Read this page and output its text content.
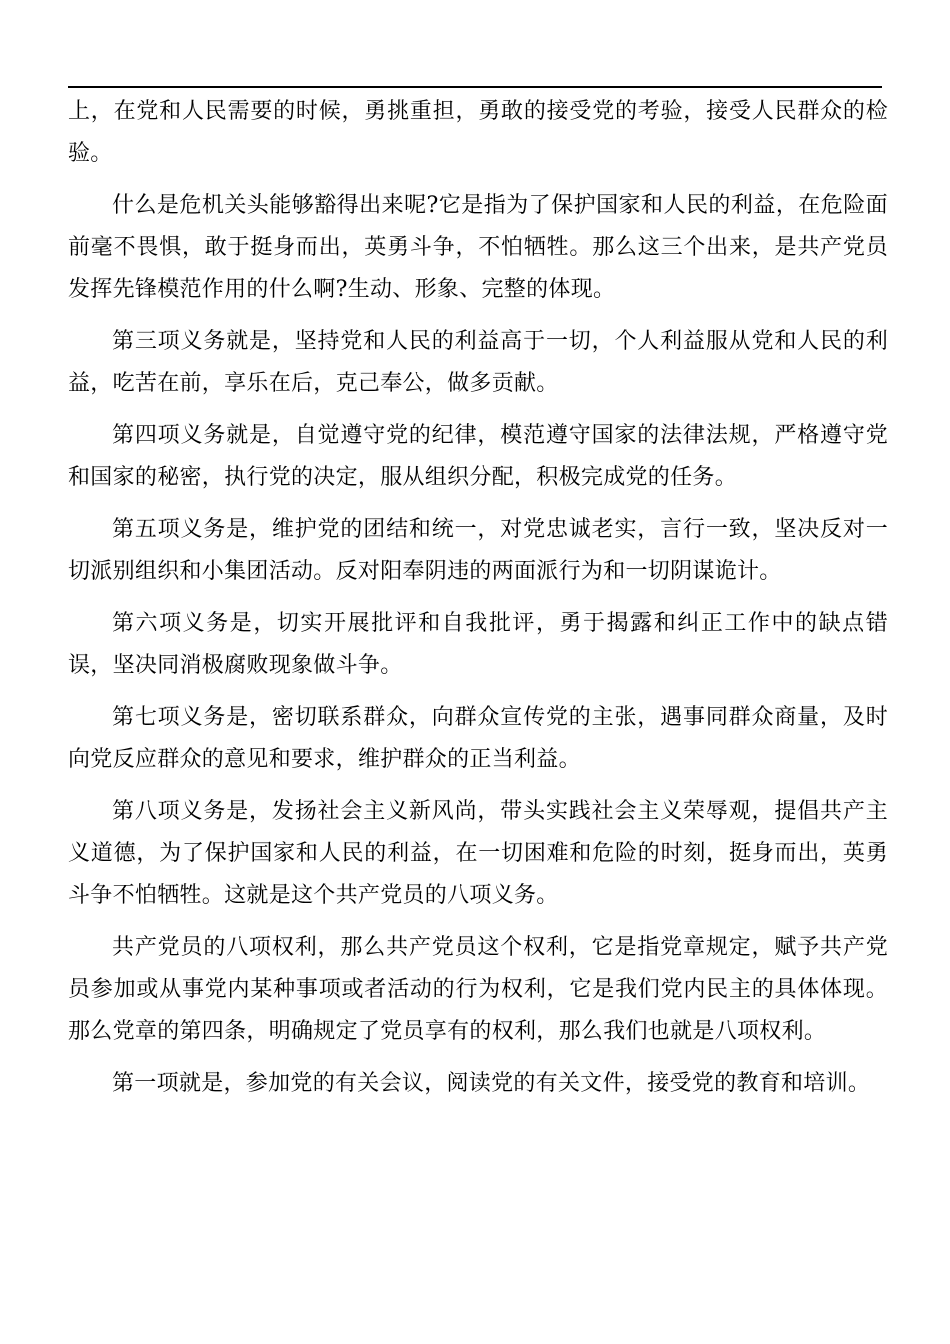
上，在党和人民需要的时候，勇挑重担，勇敢的接受党的考验，接受人民群众的检验。

什么是危机关头能够豁得出来呢?它是指为了保护国家和人民的利益，在危险面前毫不畏惧，敢于挺身而出，英勇斗争，不怕牺牲。那么这三个出来，是共产党员发挥先锋模范作用的什么啊?生动、形象、完整的体现。

第三项义务就是，坚持党和人民的利益高于一切，个人利益服从党和人民的利益，吃苦在前，享乐在后，克己奉公，做多贡献。

第四项义务就是，自觉遵守党的纪律，模范遵守国家的法律法规，严格遵守党和国家的秘密，执行党的决定，服从组织分配，积极完成党的任务。

第五项义务是，维护党的团结和统一，对党忠诚老实，言行一致，坚决反对一切派别组织和小集团活动。反对阳奉阴违的两面派行为和一切阴谋诡计。

第六项义务是，切实开展批评和自我批评，勇于揭露和纠正工作中的缺点错误，坚决同消极腐败现象做斗争。

第七项义务是，密切联系群众，向群众宣传党的主张，遇事同群众商量，及时向党反应群众的意见和要求，维护群众的正当利益。

第八项义务是，发扬社会主义新风尚，带头实践社会主义荣辱观，提倡共产主义道德，为了保护国家和人民的利益，在一切困难和危险的时刻，挺身而出，英勇斗争不怕牺牲。这就是这个共产党员的八项义务。

共产党员的八项权利，那么共产党员这个权利，它是指党章规定，赋予共产党员参加或从事党内某种事项或者活动的行为权利，它是我们党内民主的具体体现。那么党章的第四条，明确规定了党员享有的权利，那么我们也就是八项权利。

第一项就是，参加党的有关会议，阅读党的有关文件，接受党的教育和培训。
